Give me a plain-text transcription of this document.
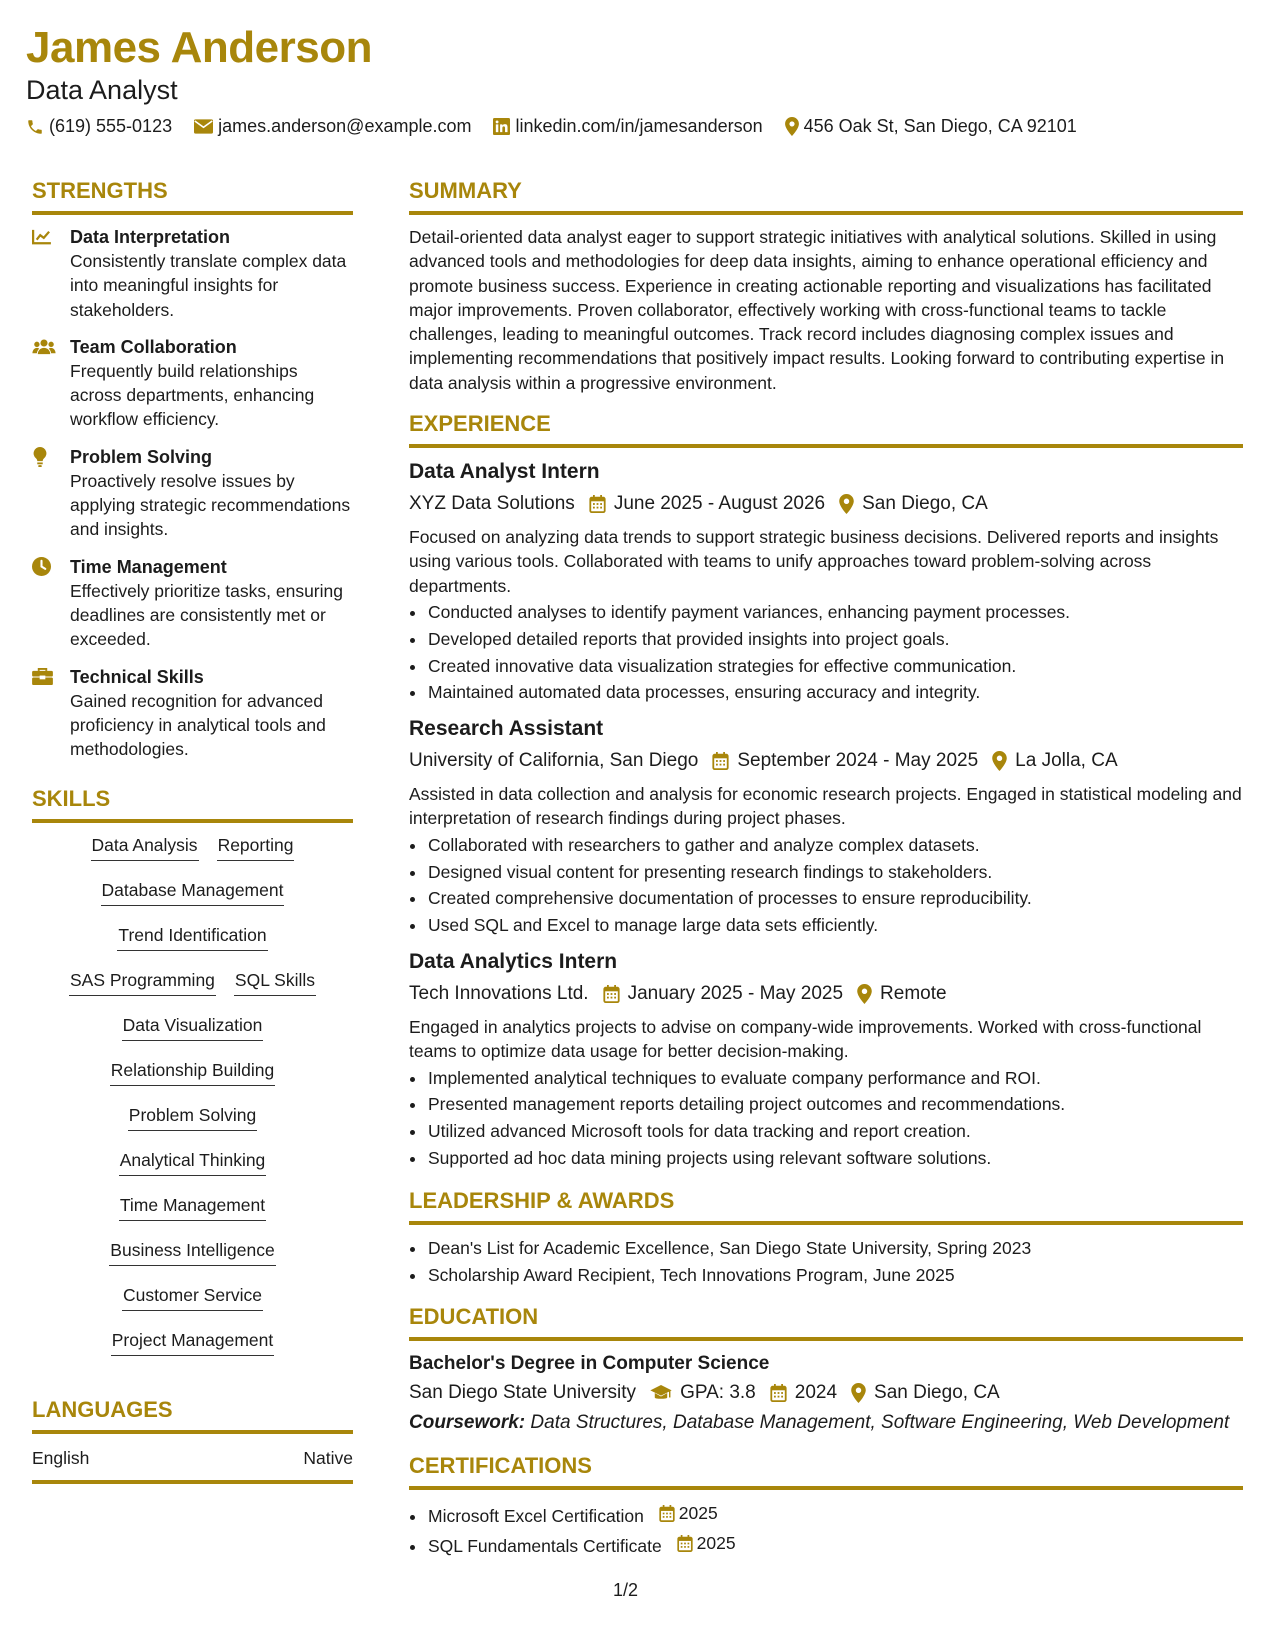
James Anderson
Data Analyst
(619) 555-0123	james.anderson@example.com linkedin.com/in/jamesanderson 456 Oak St, San Diego, CA 92101
STRENGTHS
Data Interpretation
Consistently translate complex data into meaningful insights for stakeholders.
Team Collaboration
Frequently build relationships across departments, enhancing workflow efficiency.
Problem Solving
Proactively resolve issues by applying strategic recommendations and insights.
Time Management
Effectively prioritize tasks, ensuring deadlines are consistently met or exceeded.
Technical Skills
Gained recognition for advanced proficiency in analytical tools and methodologies.
SKILLS
Data Analysis Reporting
Database Management
Trend Identification
SAS Programming SQL Skills
Data Visualization
Relationship Building
Problem Solving
Analytical Thinking
Time Management
Business Intelligence
Customer Service
Project Management
LANGUAGES
English	Native
SUMMARY
Detail-oriented data analyst eager to support strategic initiatives with analytical solutions. Skilled in using advanced tools and methodologies for deep data insights, aiming to enhance operational efficiency and promote business success. Experience in creating actionable reporting and visualizations has facilitated major improvements. Proven collaborator, effectively working with cross-functional teams to tackle challenges, leading to meaningful outcomes. Track record includes diagnosing complex issues and implementing recommendations that positively impact results. Looking forward to contributing expertise in data analysis within a progressive environment.
EXPERIENCE
Data Analyst Intern
XYZ Data Solutions June 2025 - August 2026 San Diego, CA
Focused on analyzing data trends to support strategic business decisions. Delivered reports and insights using various tools. Collaborated with teams to unify approaches toward problem-solving across departments.
• Conducted analyses to identify payment variances, enhancing payment processes.
• Developed detailed reports that provided insights into project goals.
• Created innovative data visualization strategies for effective communication.
• Maintained automated data processes, ensuring accuracy and integrity.
Research Assistant
University of California, San Diego September 2024 - May 2025 La Jolla, CA
Assisted in data collection and analysis for economic research projects. Engaged in statistical modeling and interpretation of research findings during project phases.
• Collaborated with researchers to gather and analyze complex datasets.
• Designed visual content for presenting research findings to stakeholders.
• Created comprehensive documentation of processes to ensure reproducibility.
• Used SQL and Excel to manage large data sets efficiently.
Data Analytics Intern
Tech Innovations Ltd. January 2025 - May 2025 Remote
Engaged in analytics projects to advise on company-wide improvements. Worked with cross-functional teams to optimize data usage for better decision-making.
• Implemented analytical techniques to evaluate company performance and ROI.
• Presented management reports detailing project outcomes and recommendations.
• Utilized advanced Microsoft tools for data tracking and report creation.
• Supported ad hoc data mining projects using relevant software solutions.
LEADERSHIP & AWARDS
• Dean's List for Academic Excellence, San Diego State University, Spring 2023
• Scholarship Award Recipient, Tech Innovations Program, June 2025
EDUCATION
Bachelor's Degree in Computer Science
San Diego State University GPA: 3.8 2024 San Diego, CA
Coursework: Data Structures, Database Management, Software Engineering, Web Development
CERTIFICATIONS
• Microsoft Excel Certification 2025
• SQL Fundamentals Certificate 2025
1/2
